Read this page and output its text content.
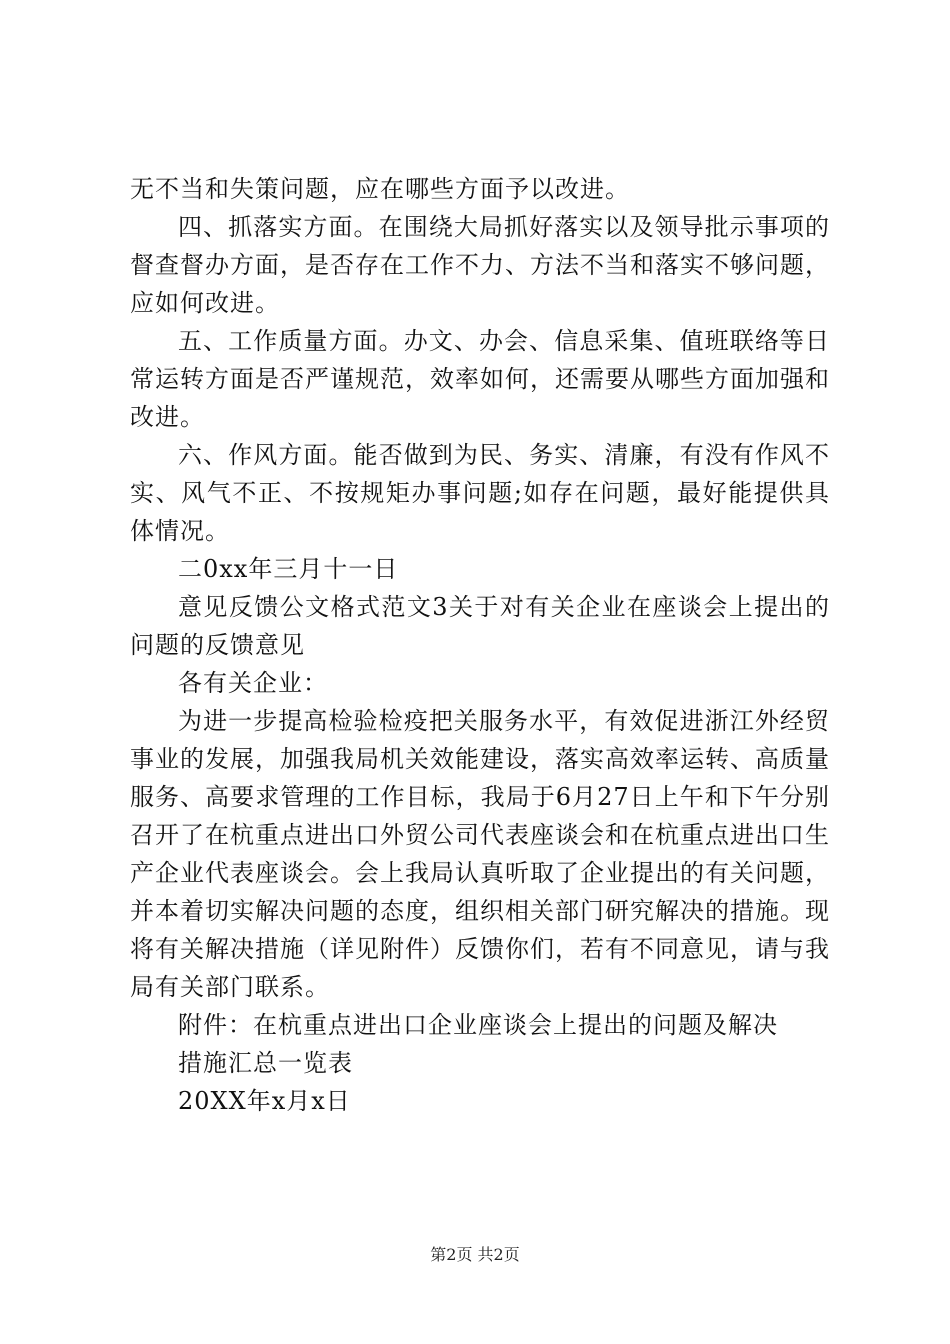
无不当和失策问题，应在哪些方面予以改进。

四、抓落实方面。在围绕大局抓好落实以及领导批示事项的督查督办方面，是否存在工作不力、方法不当和落实不够问题，应如何改进。

五、工作质量方面。办文、办会、信息采集、值班联络等日常运转方面是否严谨规范，效率如何，还需要从哪些方面加强和改进。

六、作风方面。能否做到为民、务实、清廉，有没有作风不实、风气不正、不按规矩办事问题;如存在问题，最好能提供具体情况。

二0xx年三月十一日

意见反馈公文格式范文3关于对有关企业在座谈会上提出的问题的反馈意见

各有关企业：

为进一步提高检验检疫把关服务水平，有效促进浙江外经贸事业的发展，加强我局机关效能建设，落实高效率运转、高质量服务、高要求管理的工作目标，我局于6月27日上午和下午分别召开了在杭重点进出口外贸公司代表座谈会和在杭重点进出口生产企业代表座谈会。会上我局认真听取了企业提出的有关问题，并本着切实解决问题的态度，组织相关部门研究解决的措施。现将有关解决措施（详见附件）反馈你们，若有不同意见，请与我局有关部门联系。

附件：在杭重点进出口企业座谈会上提出的问题及解决

措施汇总一览表

20XX年x月x日

第2页 共2页
